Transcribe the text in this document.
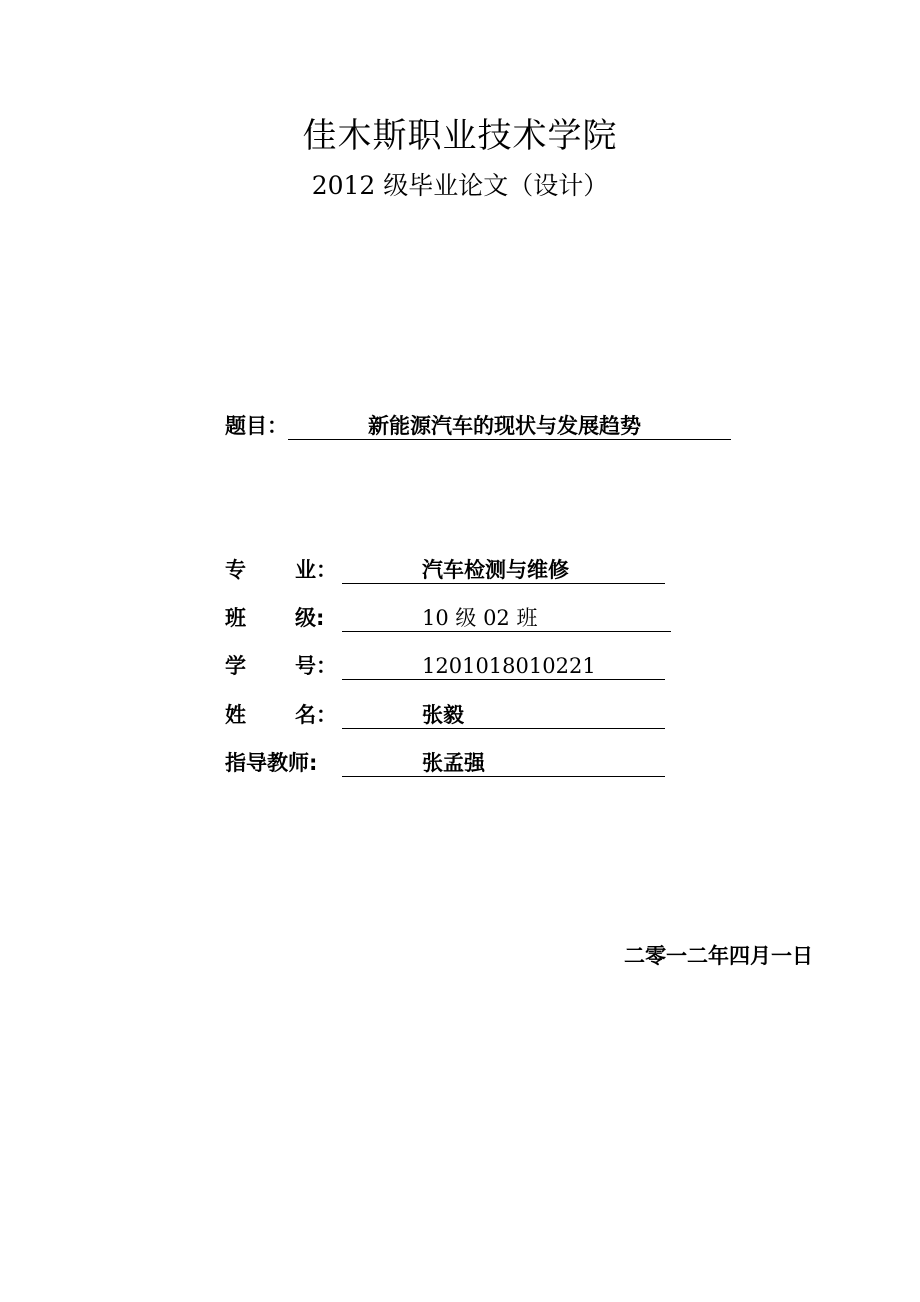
佳木斯职业技术学院
2012 级毕业论文（设计）
题目：	新能源汽车的现状与发展趋势
专	业：	汽车检测与维修
班	级:	10 级 02 班
学	号：	1201018010221
姓	名：	张毅
指导教师:	张孟强
二零一二年四月一日
